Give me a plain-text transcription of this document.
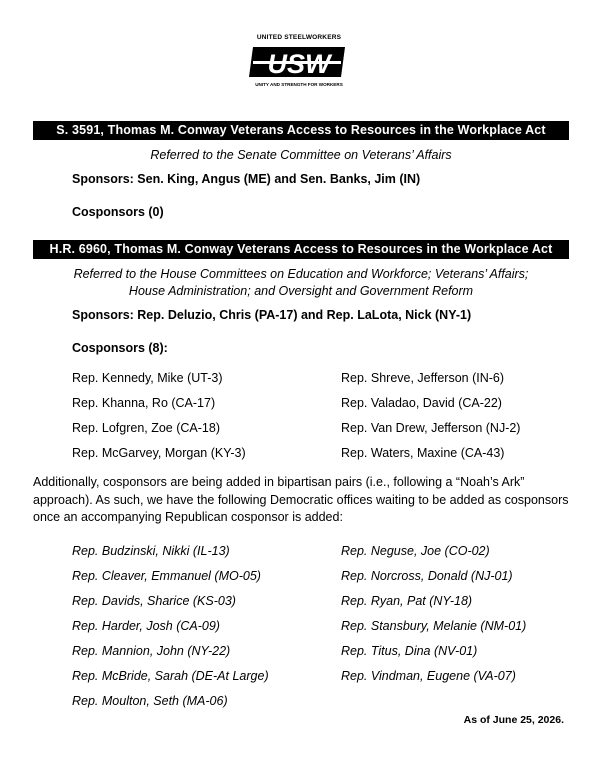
UNITED STEELWORKERS
USW
UNITY AND STRENGTH FOR WORKERS
S. 3591, Thomas M. Conway Veterans Access to Resources in the Workplace Act
Referred to the Senate Committee on Veterans’ Affairs
Sponsors: Sen. King, Angus (ME) and Sen. Banks, Jim (IN)
Cosponsors (0)
H.R. 6960, Thomas M. Conway Veterans Access to Resources in the Workplace Act
Referred to the House Committees on Education and Workforce; Veterans’ Affairs;
House Administration; and Oversight and Government Reform
Sponsors: Rep. Deluzio, Chris (PA-17) and Rep. LaLota, Nick (NY-1)
Cosponsors (8):
Rep. Kennedy, Mike (UT-3)
Rep. Khanna, Ro (CA-17)
Rep. Lofgren, Zoe (CA-18)
Rep. McGarvey, Morgan (KY-3)
Rep. Shreve, Jefferson (IN-6)
Rep. Valadao, David (CA-22)
Rep. Van Drew, Jefferson (NJ-2)
Rep. Waters, Maxine (CA-43)
Additionally, cosponsors are being added in bipartisan pairs (i.e., following a “Noah’s Ark” approach). As such, we have the following Democratic offices waiting to be added as cosponsors once an accompanying Republican cosponsor is added:
Rep. Budzinski, Nikki (IL-13)
Rep. Cleaver, Emmanuel (MO-05)
Rep. Davids, Sharice (KS-03)
Rep. Harder, Josh (CA-09)
Rep. Mannion, John (NY-22)
Rep. McBride, Sarah (DE-At Large)
Rep. Moulton, Seth (MA-06)
Rep. Neguse, Joe (CO-02)
Rep. Norcross, Donald (NJ-01)
Rep. Ryan, Pat (NY-18)
Rep. Stansbury, Melanie (NM-01)
Rep. Titus, Dina (NV-01)
Rep. Vindman, Eugene (VA-07)
As of June 25, 2026.
